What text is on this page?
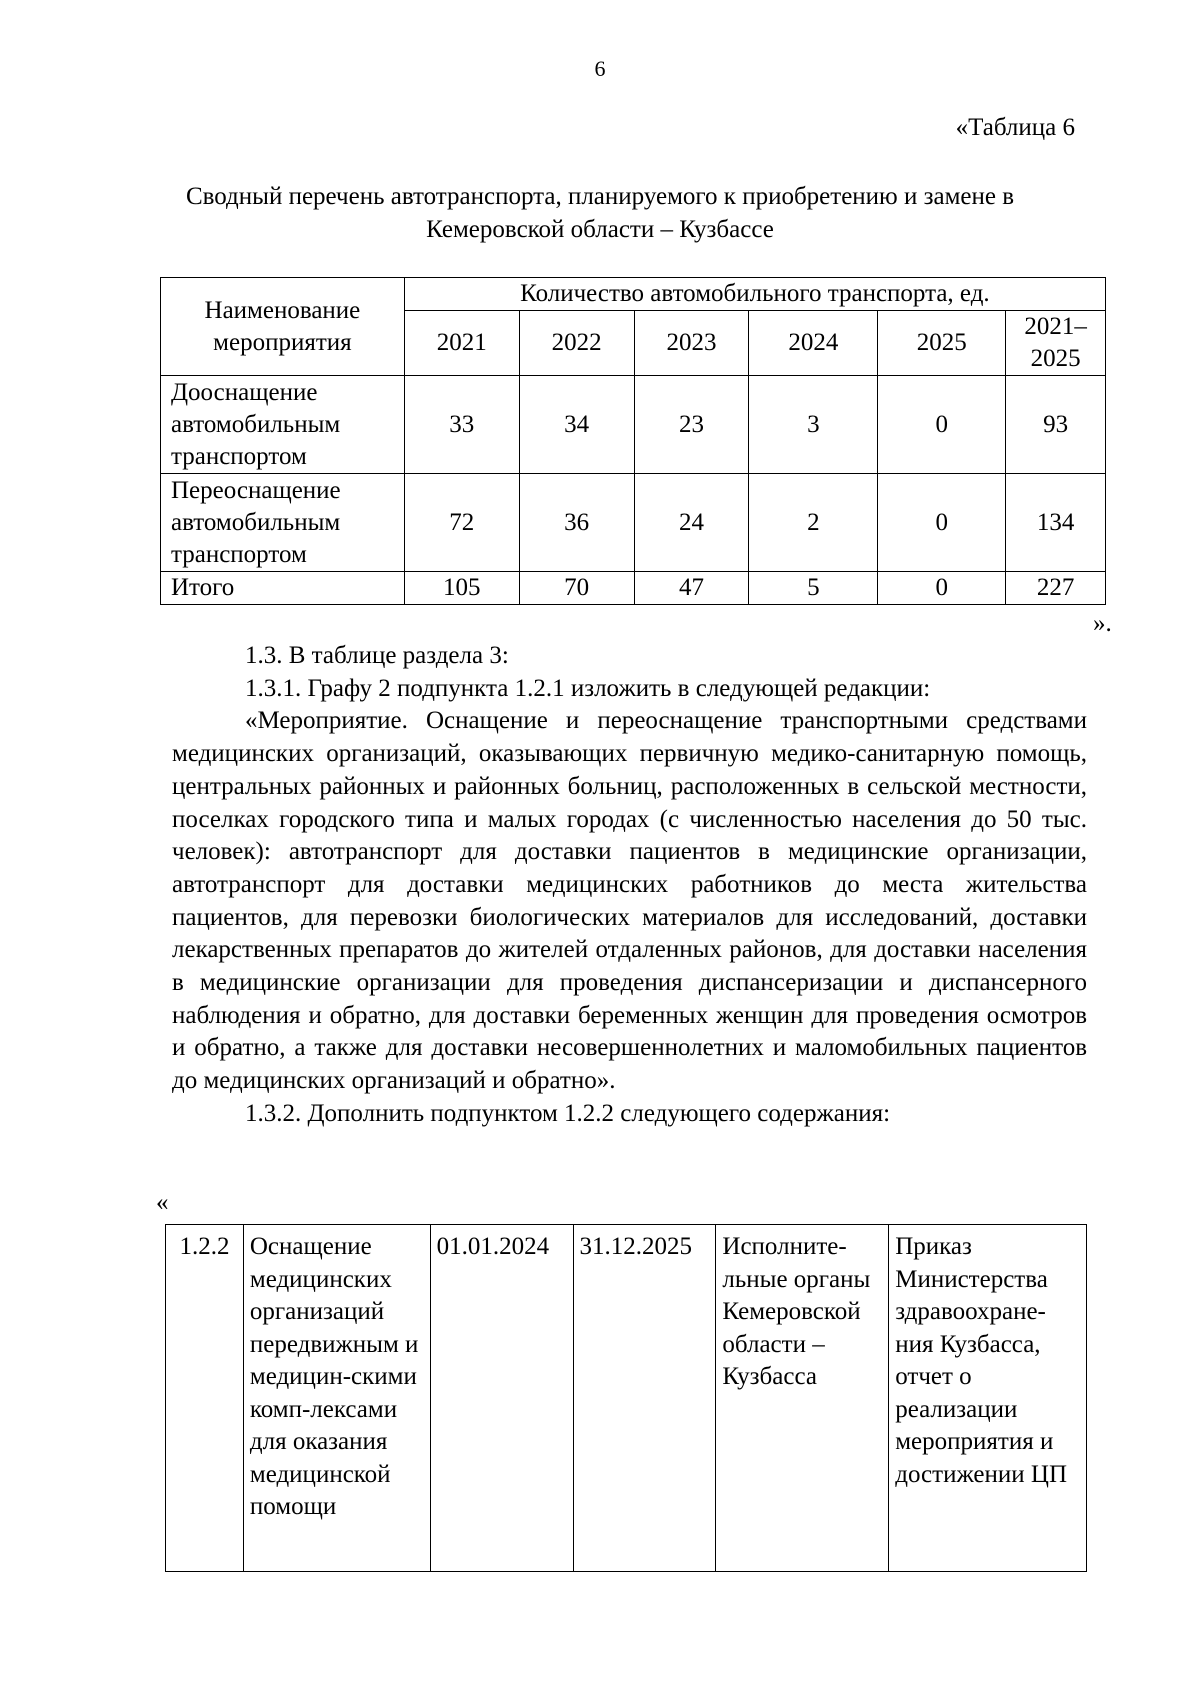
6
«Таблица 6
Сводный перечень автотранспорта, планируемого к приобретению и замене в Кемеровской области – Кузбассе
Наименование мероприятия	Количество автомобильного транспорта, ед.					
	2021	2022	2023	2024	2025	2021–2025
Дооснащение автомобильным транспортом	33	34	23	3	0	93
Переоснащение автомобильным транспортом	72	36	24	2	0	134
Итого	105	70	47	5	0	227
».

1.3. В таблице раздела 3:

1.3.1. Графу 2 подпункта 1.2.1 изложить в следующей редакции:

«Мероприятие. Оснащение и переоснащение транспортными средствами медицинских организаций, оказывающих первичную медико-санитарную помощь, центральных районных и районных больниц, расположенных в сельской местности, поселках городского типа и малых городах (с численностью населения до 50 тыс. человек): автотранспорт для доставки пациентов в медицинские организации, автотранспорт для доставки медицинских работников до места жительства пациентов, для перевозки биологических материалов для исследований, доставки лекарственных препаратов до жителей отдаленных районов, для доставки населения в медицинские организации для проведения диспансеризации и диспансерного наблюдения и обратно, для доставки беременных женщин для проведения осмотров и обратно, а также для доставки несовершеннолетних и маломобильных пациентов до медицинских организаций и обратно».

1.3.2. Дополнить подпунктом 1.2.2 следующего содержания:

«
1.2.2	Оснащение медицинских организаций передвижным и медицин-скими комп-лексами для оказания медицинской помощи	01.01.2024	31.12.2025	Исполните-льные органы Кемеровской области – Кузбасса	Приказ Министерства здравоохране-ния Кузбасса, отчет о реализации мероприятия и достижении ЦП
